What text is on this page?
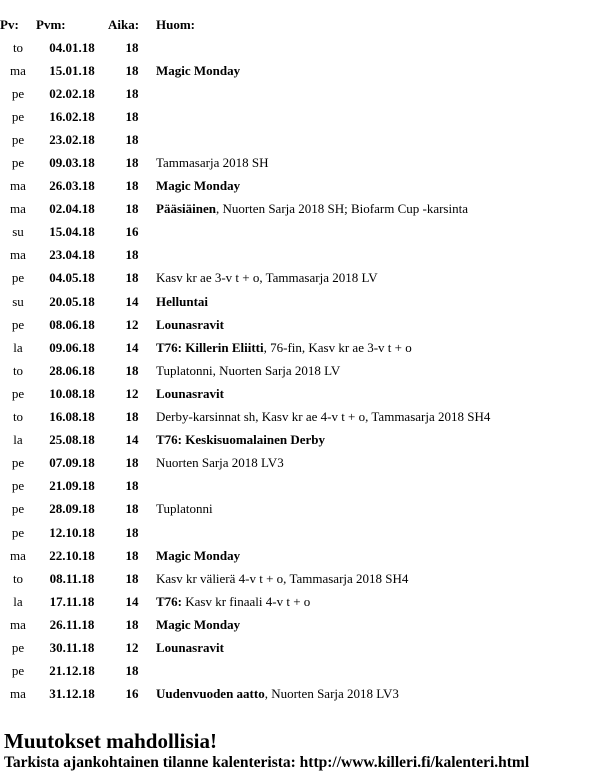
Pv:	Pvm:	Aika:	Huom:
to	04.01.18	18	
ma	15.01.18	18	Magic Monday
pe	02.02.18	18	
pe	16.02.18	18	
pe	23.02.18	18	
pe	09.03.18	18	Tammasarja 2018 SH
ma	26.03.18	18	Magic Monday
ma	02.04.18	18	Pääsiäinen, Nuorten Sarja 2018 SH; Biofarm Cup -karsinta
su	15.04.18	16	
ma	23.04.18	18	
pe	04.05.18	18	Kasv kr ae 3-v t + o, Tammasarja 2018 LV
su	20.05.18	14	Helluntai
pe	08.06.18	12	Lounasravit
la	09.06.18	14	T76: Killerin Eliitti, 76-fin, Kasv kr ae 3-v t + o
to	28.06.18	18	Tuplatonni, Nuorten Sarja 2018 LV
pe	10.08.18	12	Lounasravit
to	16.08.18	18	Derby-karsinnat sh, Kasv kr ae 4-v t + o, Tammasarja 2018 SH4
la	25.08.18	14	T76: Keskisuomalainen Derby
pe	07.09.18	18	Nuorten Sarja 2018 LV3
pe	21.09.18	18	
pe	28.09.18	18	Tuplatonni
pe	12.10.18	18	
ma	22.10.18	18	Magic Monday
to	08.11.18	18	Kasv kr välierä 4-v t + o, Tammasarja 2018 SH4
la	17.11.18	14	T76: Kasv kr finaali 4-v t + o
ma	26.11.18	18	Magic Monday
pe	30.11.18	12	Lounasravit
pe	21.12.18	18	
ma	31.12.18	16	Uudenvuoden aatto, Nuorten Sarja 2018 LV3
Muutokset mahdollisia!
Tarkista ajankohtainen tilanne kalenterista: http://www.killeri.fi/kalenteri.html
